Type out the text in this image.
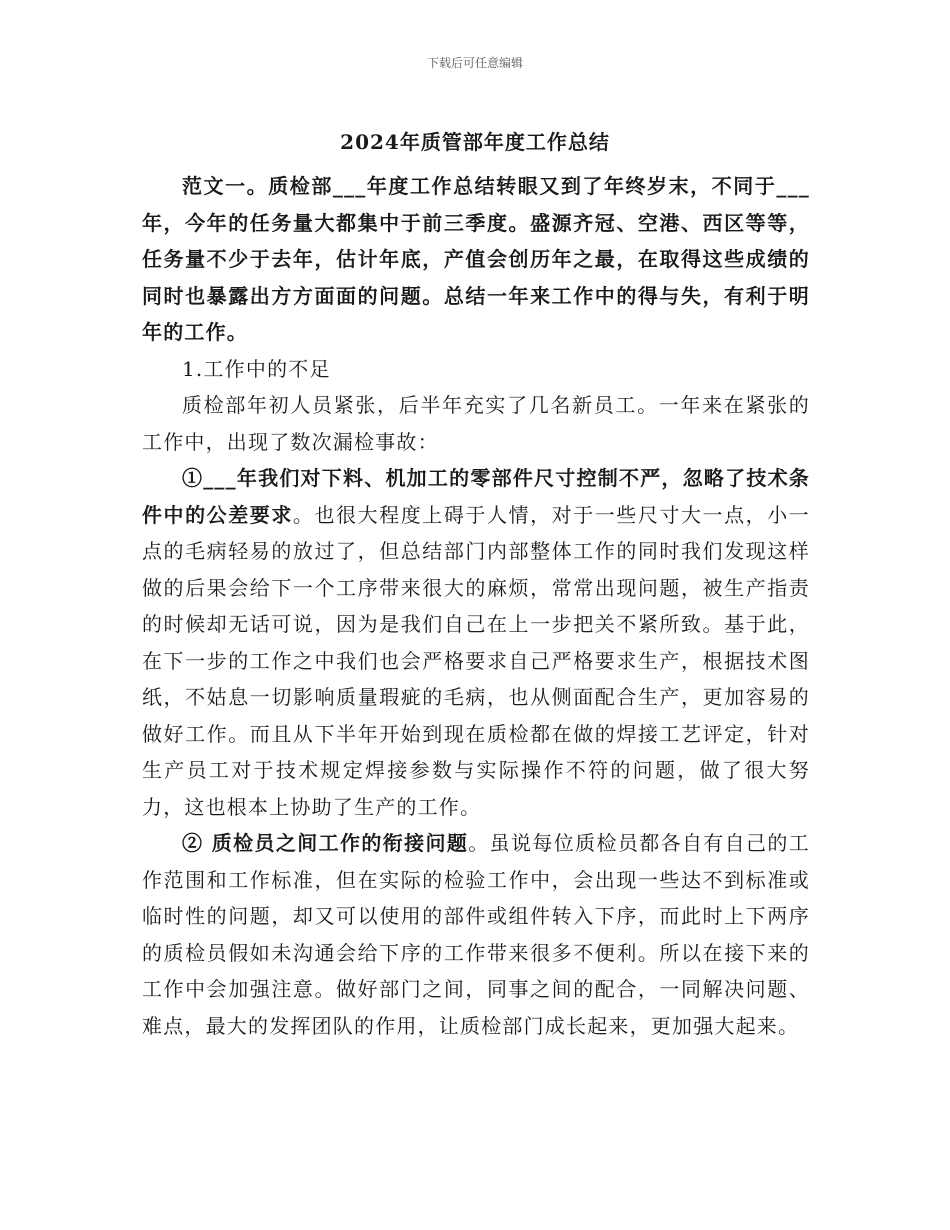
下载后可任意编辑
2024年质管部年度工作总结

范文一。质检部___年度工作总结转眼又到了年终岁末，不同于___年，今年的任务量大都集中于前三季度。盛源齐冠、空港、西区等等，任务量不少于去年，估计年底，产值会创历年之最，在取得这些成绩的同时也暴露出方方面面的问题。总结一年来工作中的得与失，有利于明年的工作。

1.工作中的不足

质检部年初人员紧张，后半年充实了几名新员工。一年来在紧张的工作中，出现了数次漏检事故：

①___年我们对下料、机加工的零部件尺寸控制不严，忽略了技术条件中的公差要求。也很大程度上碍于人情，对于一些尺寸大一点，小一点的毛病轻易的放过了，但总结部门内部整体工作的同时我们发现这样做的后果会给下一个工序带来很大的麻烦，常常出现问题，被生产指责的时候却无话可说，因为是我们自己在上一步把关不紧所致。基于此，在下一步的工作之中我们也会严格要求自己严格要求生产，根据技术图纸，不姑息一切影响质量瑕疵的毛病，也从侧面配合生产，更加容易的做好工作。而且从下半年开始到现在质检都在做的焊接工艺评定，针对生产员工对于技术规定焊接参数与实际操作不符的问题，做了很大努力，这也根本上协助了生产的工作。

② 质检员之间工作的衔接问题。虽说每位质检员都各自有自己的工作范围和工作标准，但在实际的检验工作中，会出现一些达不到标准或临时性的问题，却又可以使用的部件或组件转入下序，而此时上下两序的质检员假如未沟通会给下序的工作带来很多不便利。所以在接下来的工作中会加强注意。做好部门之间，同事之间的配合，一同解决问题、难点，最大的发挥团队的作用，让质检部门成长起来，更加强大起来。
